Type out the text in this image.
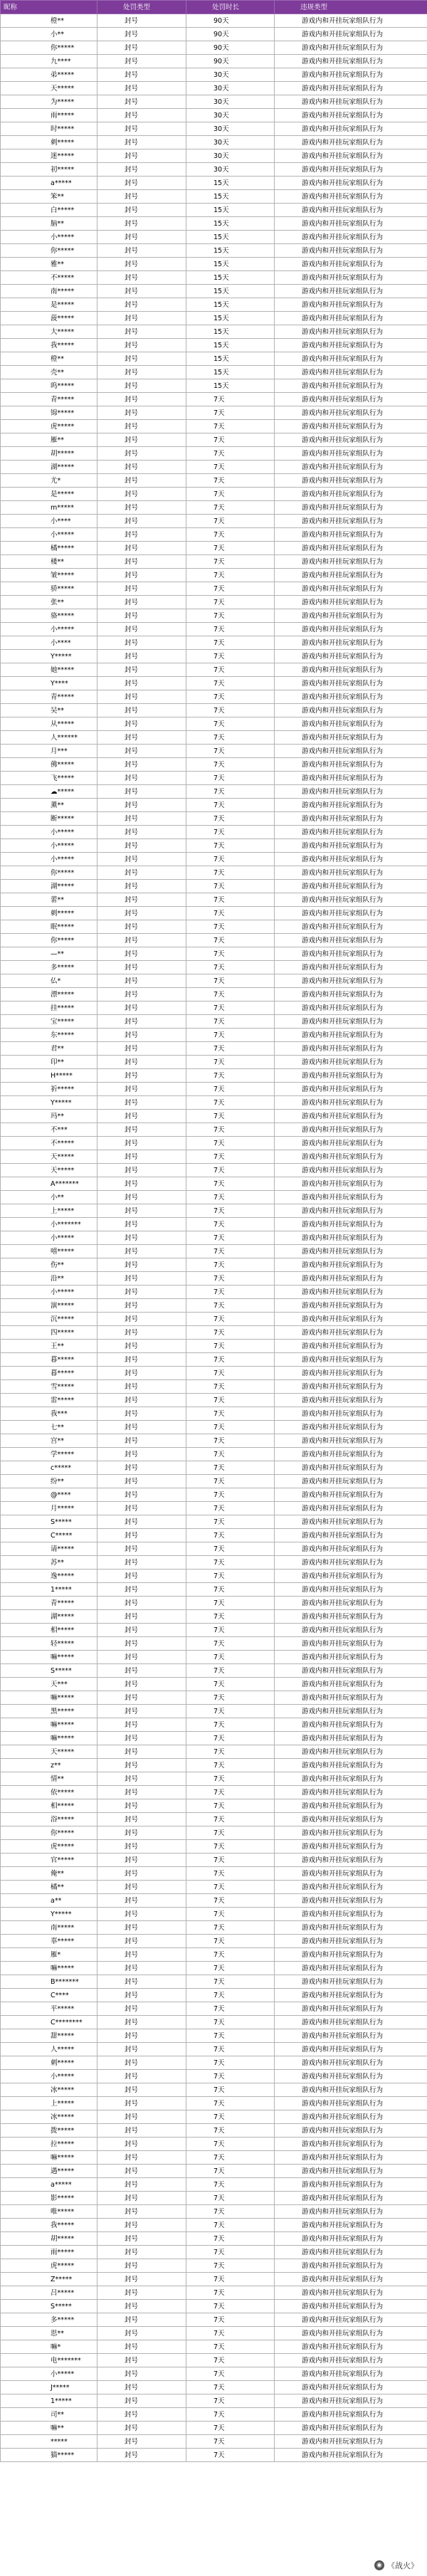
昵称	处罚类型	处罚时长	违规类型
橙**	封号	90天	游戏内和开挂玩家组队行为
小**	封号	90天	游戏内和开挂玩家组队行为
你*****	封号	90天	游戏内和开挂玩家组队行为
九****	封号	90天	游戏内和开挂玩家组队行为
弟*****	封号	30天	游戏内和开挂玩家组队行为
天*****	封号	30天	游戏内和开挂玩家组队行为
为*****	封号	30天	游戏内和开挂玩家组队行为
雨*****	封号	30天	游戏内和开挂玩家组队行为
时*****	封号	30天	游戏内和开挂玩家组队行为
刺*****	封号	30天	游戏内和开挂玩家组队行为
迷*****	封号	30天	游戏内和开挂玩家组队行为
初*****	封号	30天	游戏内和开挂玩家组队行为
a*****	封号	15天	游戏内和开挂玩家组队行为
笨**	封号	15天	游戏内和开挂玩家组队行为
白*****	封号	15天	游戏内和开挂玩家组队行为
脑**	封号	15天	游戏内和开挂玩家组队行为
小*****	封号	15天	游戏内和开挂玩家组队行为
你*****	封号	15天	游戏内和开挂玩家组队行为
雅**	封号	15天	游戏内和开挂玩家组队行为
不*****	封号	15天	游戏内和开挂玩家组队行为
南*****	封号	15天	游戏内和开挂玩家组队行为
是*****	封号	15天	游戏内和开挂玩家组队行为
菠*****	封号	15天	游戏内和开挂玩家组队行为
大*****	封号	15天	游戏内和开挂玩家组队行为
我*****	封号	15天	游戏内和开挂玩家组队行为
橙**	封号	15天	游戏内和开挂玩家组队行为
壳**	封号	15天	游戏内和开挂玩家组队行为
呜*****	封号	15天	游戏内和开挂玩家组队行为
青*****	封号	7天	游戏内和开挂玩家组队行为
锦*****	封号	7天	游戏内和开挂玩家组队行为
虎*****	封号	7天	游戏内和开挂玩家组队行为
雁**	封号	7天	游戏内和开挂玩家组队行为
胡*****	封号	7天	游戏内和开挂玩家组队行为
湖*****	封号	7天	游戏内和开挂玩家组队行为
尤*	封号	7天	游戏内和开挂玩家组队行为
是*****	封号	7天	游戏内和开挂玩家组队行为
m*****	封号	7天	游戏内和开挂玩家组队行为
小****	封号	7天	游戏内和开挂玩家组队行为
小*****	封号	7天	游戏内和开挂玩家组队行为
橘*****	封号	7天	游戏内和开挂玩家组队行为
楼**	封号	7天	游戏内和开挂玩家组队行为
皱*****	封号	7天	游戏内和开挂玩家组队行为
骄*****	封号	7天	游戏内和开挂玩家组队行为
张**	封号	7天	游戏内和开挂玩家组队行为
骆*****	封号	7天	游戏内和开挂玩家组队行为
小*****	封号	7天	游戏内和开挂玩家组队行为
小****	封号	7天	游戏内和开挂玩家组队行为
Y*****	封号	7天	游戏内和开挂玩家组队行为
她*****	封号	7天	游戏内和开挂玩家组队行为
Y****	封号	7天	游戏内和开挂玩家组队行为
青*****	封号	7天	游戏内和开挂玩家组队行为
吴**	封号	7天	游戏内和开挂玩家组队行为
从*****	封号	7天	游戏内和开挂玩家组队行为
人******	封号	7天	游戏内和开挂玩家组队行为
月***	封号	7天	游戏内和开挂玩家组队行为
佛*****	封号	7天	游戏内和开挂玩家组队行为
飞*****	封号	7天	游戏内和开挂玩家组队行为
☁*****	封号	7天	游戏内和开挂玩家组队行为
薰**	封号	7天	游戏内和开挂玩家组队行为
断*****	封号	7天	游戏内和开挂玩家组队行为
小*****	封号	7天	游戏内和开挂玩家组队行为
小*****	封号	7天	游戏内和开挂玩家组队行为
小*****	封号	7天	游戏内和开挂玩家组队行为
你*****	封号	7天	游戏内和开挂玩家组队行为
湖*****	封号	7天	游戏内和开挂玩家组队行为
蕾**	封号	7天	游戏内和开挂玩家组队行为
刺*****	封号	7天	游戏内和开挂玩家组队行为
眠*****	封号	7天	游戏内和开挂玩家组队行为
你*****	封号	7天	游戏内和开挂玩家组队行为
—**	封号	7天	游戏内和开挂玩家组队行为
多*****	封号	7天	游戏内和开挂玩家组队行为
仏*	封号	7天	游戏内和开挂玩家组队行为
漂*****	封号	7天	游戏内和开挂玩家组队行为
挂*****	封号	7天	游戏内和开挂玩家组队行为
宝*****	封号	7天	游戏内和开挂玩家组队行为
东*****	封号	7天	游戏内和开挂玩家组队行为
君**	封号	7天	游戏内和开挂玩家组队行为
印**	封号	7天	游戏内和开挂玩家组队行为
H*****	封号	7天	游戏内和开挂玩家组队行为
祈*****	封号	7天	游戏内和开挂玩家组队行为
Y*****	封号	7天	游戏内和开挂玩家组队行为
玛**	封号	7天	游戏内和开挂玩家组队行为
不***	封号	7天	游戏内和开挂玩家组队行为
不*****	封号	7天	游戏内和开挂玩家组队行为
天*****	封号	7天	游戏内和开挂玩家组队行为
天*****	封号	7天	游戏内和开挂玩家组队行为
A*******	封号	7天	游戏内和开挂玩家组队行为
小**	封号	7天	游戏内和开挂玩家组队行为
上*****	封号	7天	游戏内和开挂玩家组队行为
小*******	封号	7天	游戏内和开挂玩家组队行为
小*****	封号	7天	游戏内和开挂玩家组队行为
嘻*****	封号	7天	游戏内和开挂玩家组队行为
伤**	封号	7天	游戏内和开挂玩家组队行为
沿**	封号	7天	游戏内和开挂玩家组队行为
小*****	封号	7天	游戏内和开挂玩家组队行为
演*****	封号	7天	游戏内和开挂玩家组队行为
沉*****	封号	7天	游戏内和开挂玩家组队行为
四*****	封号	7天	游戏内和开挂玩家组队行为
王**	封号	7天	游戏内和开挂玩家组队行为
暮*****	封号	7天	游戏内和开挂玩家组队行为
暮*****	封号	7天	游戏内和开挂玩家组队行为
雪*****	封号	7天	游戏内和开挂玩家组队行为
雷*****	封号	7天	游戏内和开挂玩家组队行为
我***	封号	7天	游戏内和开挂玩家组队行为
七**	封号	7天	游戏内和开挂玩家组队行为
宫**	封号	7天	游戏内和开挂玩家组队行为
学*****	封号	7天	游戏内和开挂玩家组队行为
c*****	封号	7天	游戏内和开挂玩家组队行为
纷**	封号	7天	游戏内和开挂玩家组队行为
@****	封号	7天	游戏内和开挂玩家组队行为
月*****	封号	7天	游戏内和开挂玩家组队行为
S*****	封号	7天	游戏内和开挂玩家组队行为
C*****	封号	7天	游戏内和开挂玩家组队行为
请*****	封号	7天	游戏内和开挂玩家组队行为
苏**	封号	7天	游戏内和开挂玩家组队行为
逸*****	封号	7天	游戏内和开挂玩家组队行为
1*****	封号	7天	游戏内和开挂玩家组队行为
青*****	封号	7天	游戏内和开挂玩家组队行为
湖*****	封号	7天	游戏内和开挂玩家组队行为
相*****	封号	7天	游戏内和开挂玩家组队行为
轻*****	封号	7天	游戏内和开挂玩家组队行为
嘛*****	封号	7天	游戏内和开挂玩家组队行为
S*****	封号	7天	游戏内和开挂玩家组队行为
天***	封号	7天	游戏内和开挂玩家组队行为
嘛*****	封号	7天	游戏内和开挂玩家组队行为
黑*****	封号	7天	游戏内和开挂玩家组队行为
嘛*****	封号	7天	游戏内和开挂玩家组队行为
嘛*****	封号	7天	游戏内和开挂玩家组队行为
天*****	封号	7天	游戏内和开挂玩家组队行为
z**	封号	7天	游戏内和开挂玩家组队行为
情**	封号	7天	游戏内和开挂玩家组队行为
依*****	封号	7天	游戏内和开挂玩家组队行为
相*****	封号	7天	游戏内和开挂玩家组队行为
浴*****	封号	7天	游戏内和开挂玩家组队行为
你*****	封号	7天	游戏内和开挂玩家组队行为
虎*****	封号	7天	游戏内和开挂玩家组队行为
官*****	封号	7天	游戏内和开挂玩家组队行为
俺**	封号	7天	游戏内和开挂玩家组队行为
橘**	封号	7天	游戏内和开挂玩家组队行为
a**	封号	7天	游戏内和开挂玩家组队行为
Y*****	封号	7天	游戏内和开挂玩家组队行为
南*****	封号	7天	游戏内和开挂玩家组队行为
辜*****	封号	7天	游戏内和开挂玩家组队行为
雁*	封号	7天	游戏内和开挂玩家组队行为
嘛*****	封号	7天	游戏内和开挂玩家组队行为
B*******	封号	7天	游戏内和开挂玩家组队行为
C****	封号	7天	游戏内和开挂玩家组队行为
平*****	封号	7天	游戏内和开挂玩家组队行为
C********	封号	7天	游戏内和开挂玩家组队行为
甜*****	封号	7天	游戏内和开挂玩家组队行为
人*****	封号	7天	游戏内和开挂玩家组队行为
刺*****	封号	7天	游戏内和开挂玩家组队行为
小*****	封号	7天	游戏内和开挂玩家组队行为
冰*****	封号	7天	游戏内和开挂玩家组队行为
上*****	封号	7天	游戏内和开挂玩家组队行为
冰*****	封号	7天	游戏内和开挂玩家组队行为
拨*****	封号	7天	游戏内和开挂玩家组队行为
拉*****	封号	7天	游戏内和开挂玩家组队行为
嘛*****	封号	7天	游戏内和开挂玩家组队行为
遇*****	封号	7天	游戏内和开挂玩家组队行为
a*****	封号	7天	游戏内和开挂玩家组队行为
影*****	封号	7天	游戏内和开挂玩家组队行为
唯*****	封号	7天	游戏内和开挂玩家组队行为
我*****	封号	7天	游戏内和开挂玩家组队行为
胡*****	封号	7天	游戏内和开挂玩家组队行为
雨*****	封号	7天	游戏内和开挂玩家组队行为
虎*****	封号	7天	游戏内和开挂玩家组队行为
Z*****	封号	7天	游戏内和开挂玩家组队行为
吕*****	封号	7天	游戏内和开挂玩家组队行为
S*****	封号	7天	游戏内和开挂玩家组队行为
多*****	封号	7天	游戏内和开挂玩家组队行为
思**	封号	7天	游戏内和开挂玩家组队行为
嘛*	封号	7天	游戏内和开挂玩家组队行为
电*******	封号	7天	游戏内和开挂玩家组队行为
小*****	封号	7天	游戏内和开挂玩家组队行为
J*****	封号	7天	游戏内和开挂玩家组队行为
1*****	封号	7天	游戏内和开挂玩家组队行为
司**	封号	7天	游戏内和开挂玩家组队行为
嘛**	封号	7天	游戏内和开挂玩家组队行为
*****	封号	7天	游戏内和开挂玩家组队行为
猫*****	封号	7天	游戏内和开挂玩家组队行为
◉ 《战火》
